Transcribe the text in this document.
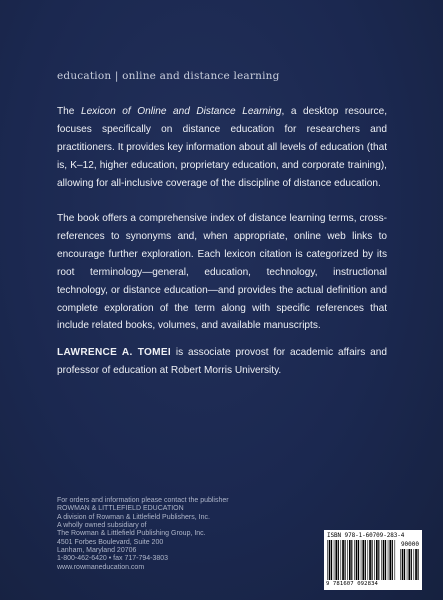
education | online and distance learning
The Lexicon of Online and Distance Learning, a desktop resource, focuses specifically on distance education for researchers and practitioners. It provides key information about all levels of education (that is, K–12, higher education, proprietary education, and corporate training), allowing for all-inclusive coverage of the discipline of distance education.
The book offers a comprehensive index of distance learning terms, cross-references to synonyms and, when appropriate, online web links to encourage further exploration. Each lexicon citation is categorized by its root terminology—general, education, technology, instructional technology, or distance education—and provides the actual definition and complete exploration of the term along with specific references that include related books, volumes, and available manuscripts.
LAWRENCE A. TOMEI is associate provost for academic affairs and professor of education at Robert Morris University.
For orders and information please contact the publisher
ROWMAN & LITTLEFIELD EDUCATION
A division of Rowman & Littlefield Publishers, Inc.
A wholly owned subsidiary of
The Rowman & Littlefield Publishing Group, Inc.
4501 Forbes Boulevard, Suite 200
Lanham, Maryland 20706
1-800-462-6420 • fax 717-794-3803
www.rowmaneducation.com
ISBN 978-1-60709-283-4
90000
9 781607 092834
